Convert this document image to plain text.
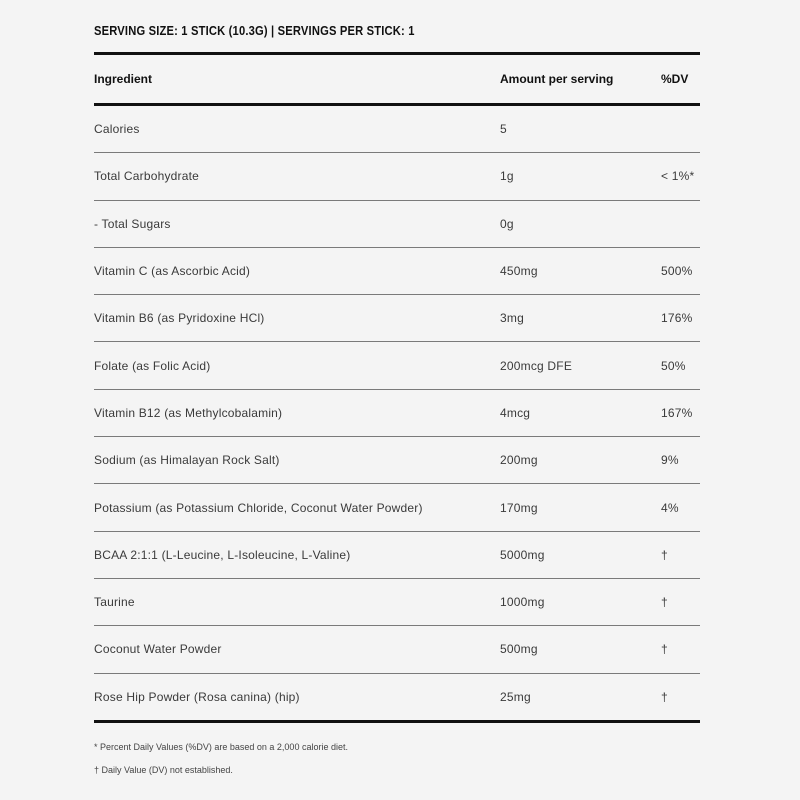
SERVING SIZE: 1 STICK (10.3G) | SERVINGS PER STICK: 1
Ingredient	Amount per serving	%DV
Calories	5
Total Carbohydrate	1g	< 1%*
- Total Sugars	0g
Vitamin C (as Ascorbic Acid)	450mg	500%
Vitamin B6 (as Pyridoxine HCl)	3mg	176%
Folate (as Folic Acid)	200mcg DFE	50%
Vitamin B12 (as Methylcobalamin)	4mcg	167%
Sodium (as Himalayan Rock Salt)	200mg	9%
Potassium (as Potassium Chloride, Coconut Water Powder)	170mg	4%
BCAA 2:1:1 (L-Leucine, L-Isoleucine, L-Valine)	5000mg	†
Taurine	1000mg	†
Coconut Water Powder	500mg	†
Rose Hip Powder (Rosa canina) (hip)	25mg	†
* Percent Daily Values (%DV) are based on a 2,000 calorie diet.
† Daily Value (DV) not established.
